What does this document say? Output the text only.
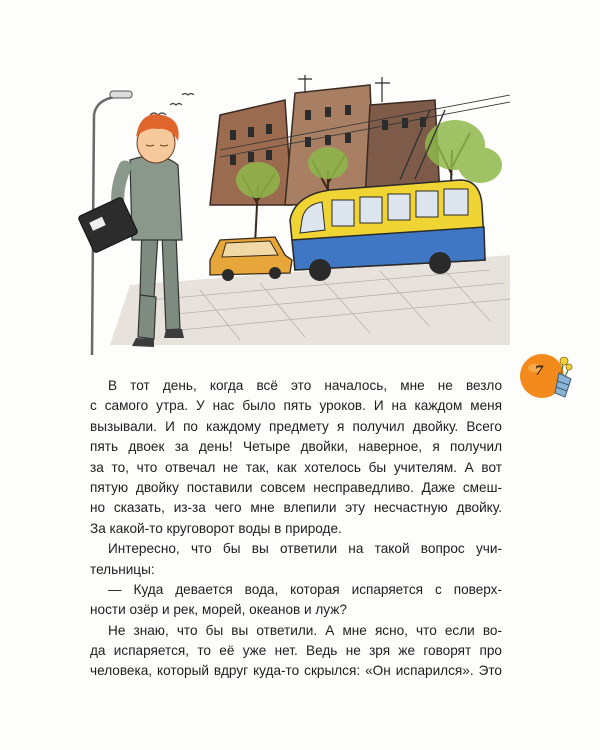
7
В тот день, когда всё это началось, мне не везло
с самого утра. У нас было пять уроков. И на каждом меня
вызывали. И по каждому предмету я получил двойку. Всего
пять двоек за день! Четыре двойки, наверное, я получил
за то, что отвечал не так, как хотелось бы учителям. А вот
пятую двойку поставили совсем несправедливо. Даже смеш-
но сказать, из-за чего мне влепили эту несчастную двойку.
За какой-то круговорот воды в природе.
Интересно, что бы вы ответили на такой вопрос учи-
тельницы:
— Куда девается вода, которая испаряется с поверх-
ности озёр и рек, морей, океанов и луж?
Не знаю, что бы вы ответили. А мне ясно, что если во-
да испаряется, то её уже нет. Ведь не зря же говорят про
человека, который вдруг куда-то скрылся: «Он испарился». Это
